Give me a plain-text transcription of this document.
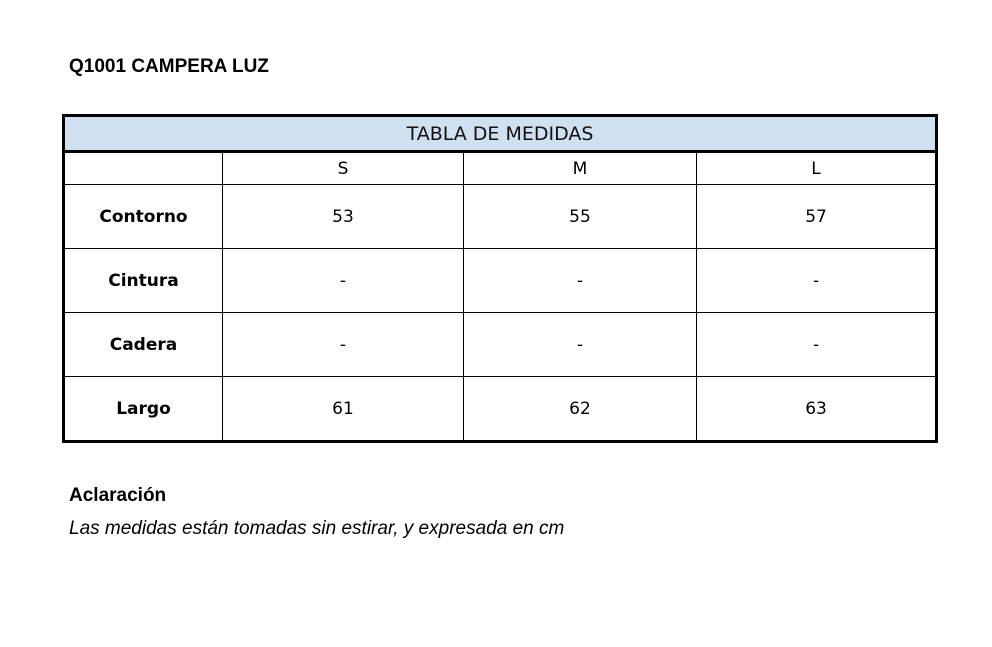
Q1001 CAMPERA LUZ
TABLA DE MEDIDAS			
	S	M	L
Contorno	53	55	57
Cintura	-	-	-
Cadera	-	-	-
Largo	61	62	63
Aclaración

Las medidas están tomadas sin estirar, y expresada en cm
